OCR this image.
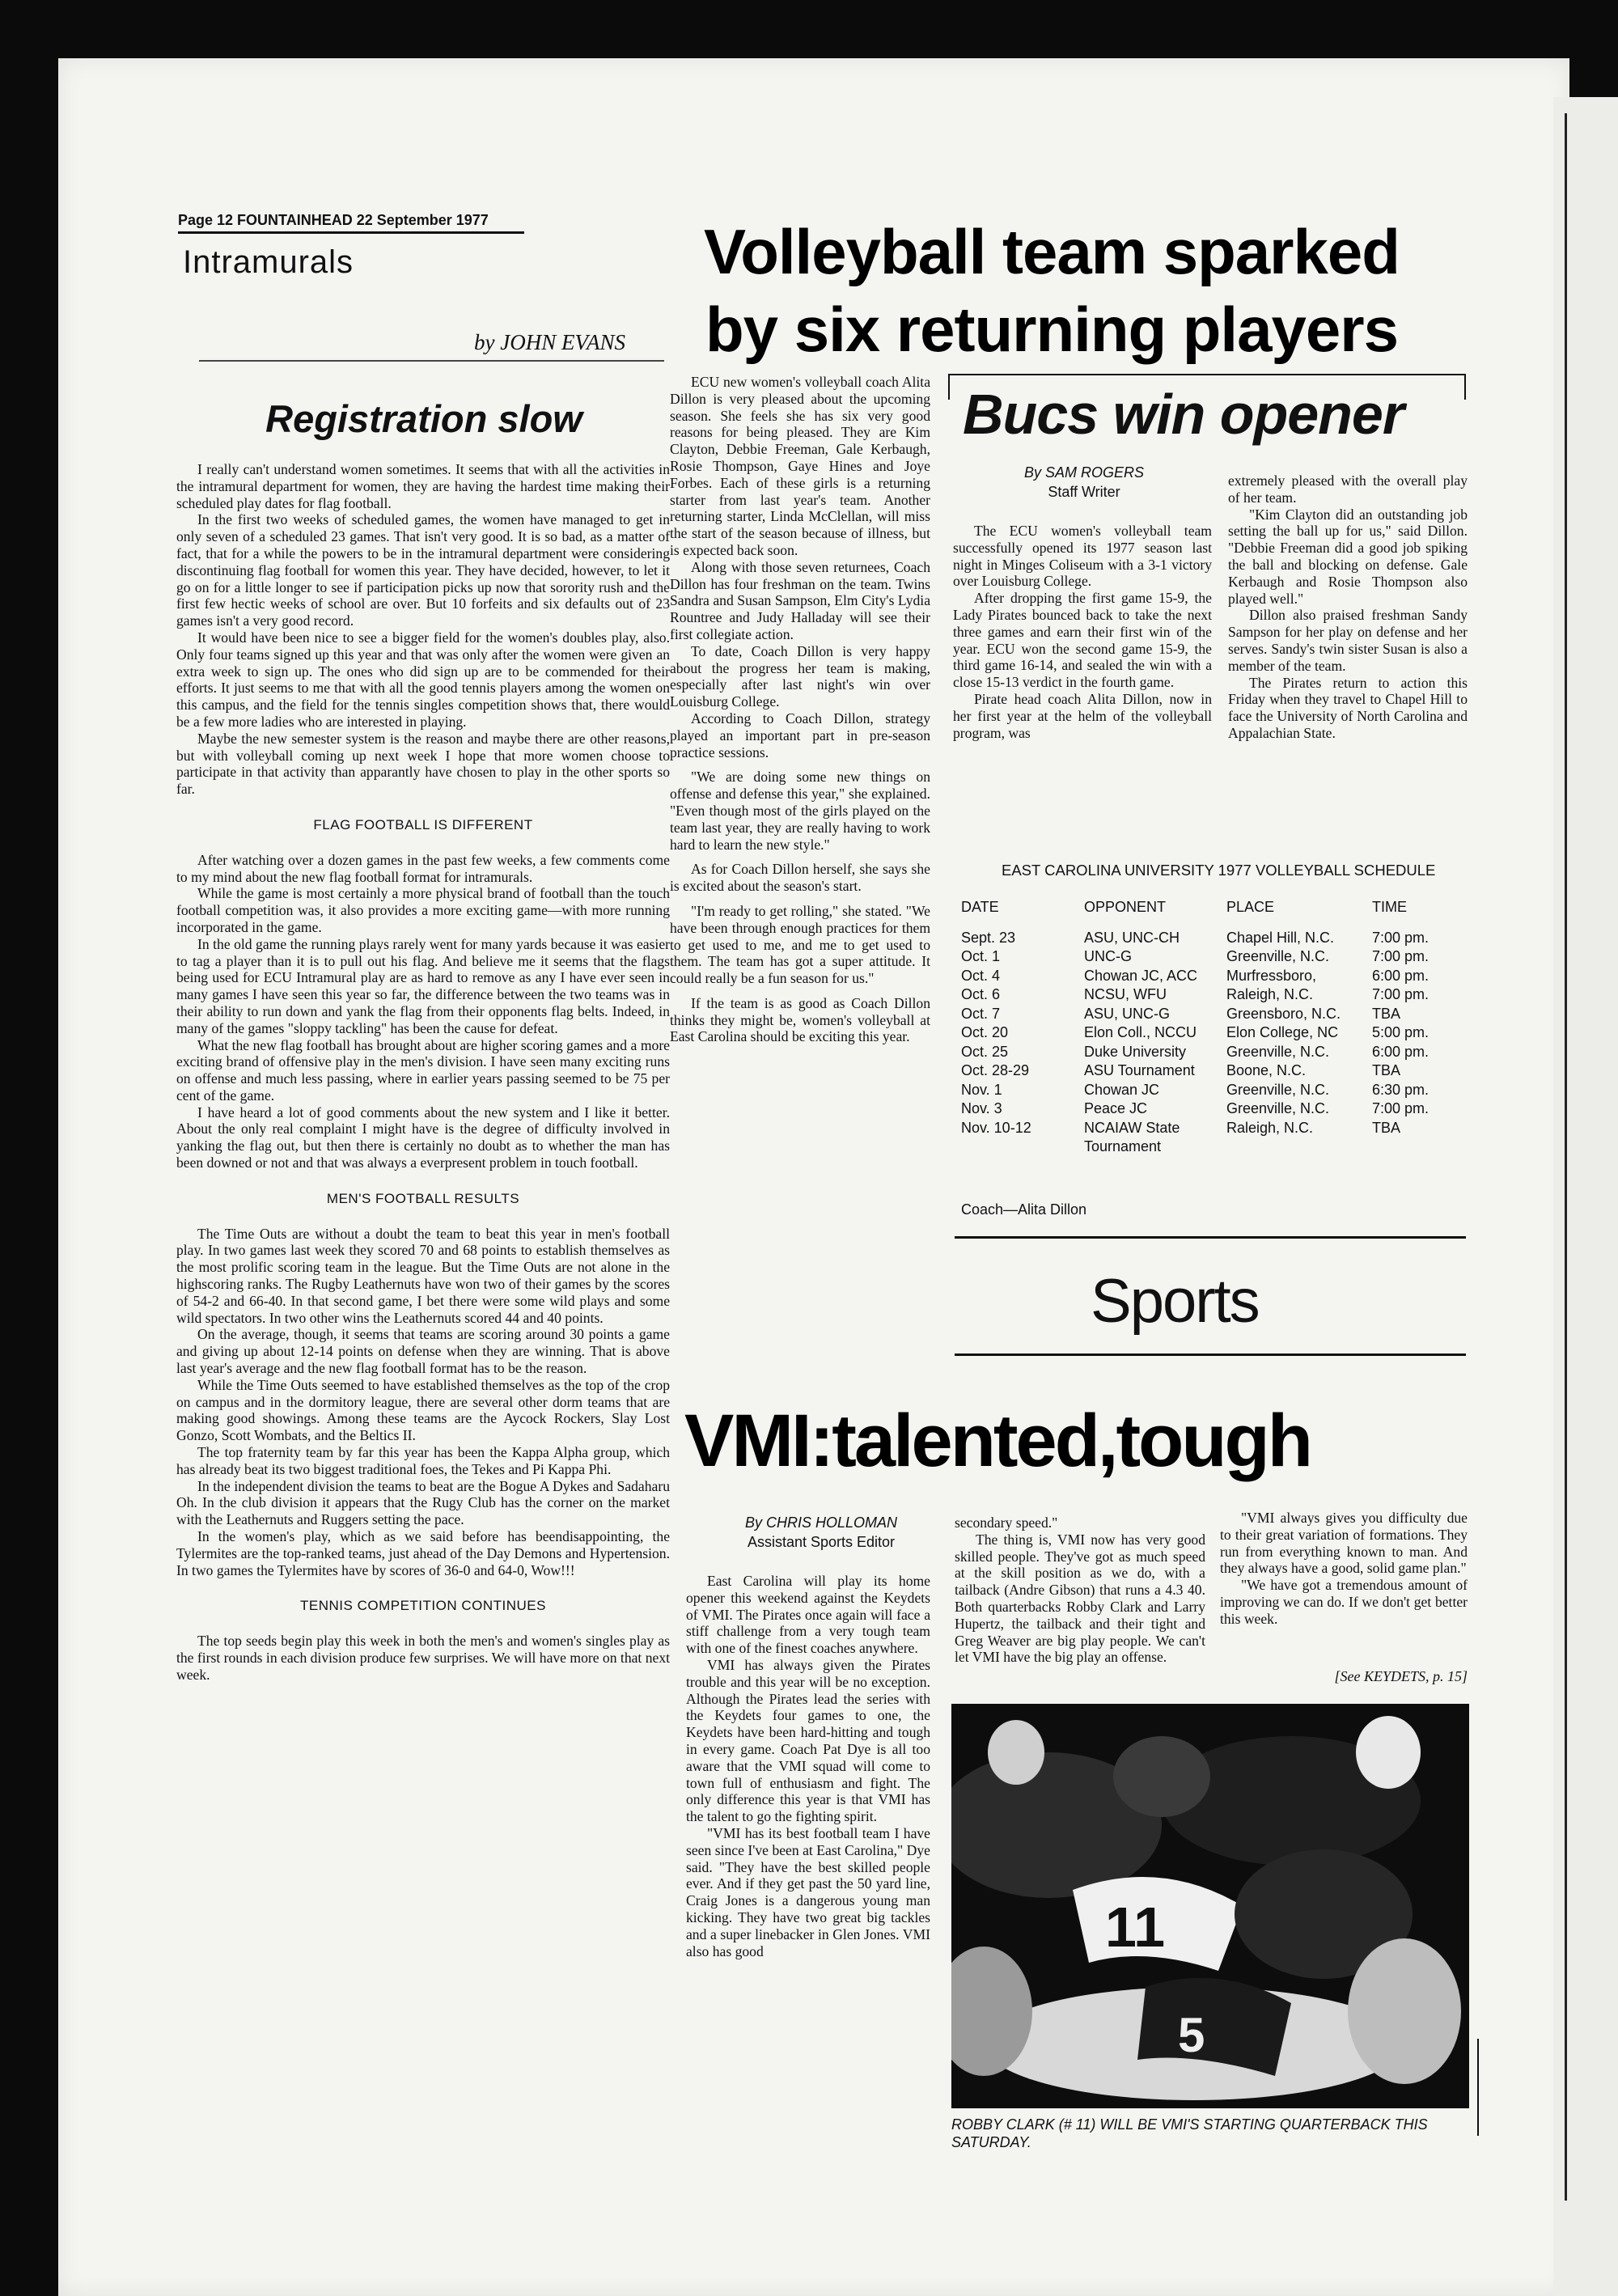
Page 12 FOUNTAINHEAD 22 September 1977
Intramurals
by JOHN EVANS
Registration slow

I really can't understand women sometimes. It seems that with all the activities in the intramural department for women, they are having the hardest time making their scheduled play dates for flag football.

In the first two weeks of scheduled games, the women have managed to get in only seven of a scheduled 23 games. That isn't very good. It is so bad, as a matter of fact, that for a while the powers to be in the intramural department were considering discontinuing flag football for women this year. They have decided, however, to let it go on for a little longer to see if participation picks up now that sorority rush and the first few hectic weeks of school are over. But 10 forfeits and six defaults out of 23 games isn't a very good record.

It would have been nice to see a bigger field for the women's doubles play, also. Only four teams signed up this year and that was only after the women were given an extra week to sign up. The ones who did sign up are to be commended for their efforts. It just seems to me that with all the good tennis players among the women on this campus, and the field for the tennis singles competition shows that, there would be a few more ladies who are interested in playing.

Maybe the new semester system is the reason and maybe there are other reasons, but with volleyball coming up next week I hope that more women choose to participate in that activity than apparantly have chosen to play in the other sports so far.

FLAG FOOTBALL IS DIFFERENT

After watching over a dozen games in the past few weeks, a few comments come to my mind about the new flag football format for intramurals.

While the game is most certainly a more physical brand of football than the touch football competition was, it also provides a more exciting game—with more running incorporated in the game.

In the old game the running plays rarely went for many yards because it was easier to tag a player than it is to pull out his flag. And believe me it seems that the flags being used for ECU Intramural play are as hard to remove as any I have ever seen in many games I have seen this year so far, the difference between the two teams was in their ability to run down and yank the flag from their opponents flag belts. Indeed, in many of the games "sloppy tackling" has been the cause for defeat.

What the new flag football has brought about are higher scoring games and a more exciting brand of offensive play in the men's division. I have seen many exciting runs on offense and much less passing, where in earlier years passing seemed to be 75 per cent of the game.

I have heard a lot of good comments about the new system and I like it better. About the only real complaint I might have is the degree of difficulty involved in yanking the flag out, but then there is certainly no doubt as to whether the man has been downed or not and that was always a everpresent problem in touch football.

MEN'S FOOTBALL RESULTS

The Time Outs are without a doubt the team to beat this year in men's football play. In two games last week they scored 70 and 68 points to establish themselves as the most prolific scoring team in the league. But the Time Outs are not alone in the highscoring ranks. The Rugby Leathernuts have won two of their games by the scores of 54-2 and 66-40. In that second game, I bet there were some wild plays and some wild spectators. In two other wins the Leathernuts scored 44 and 40 points.

On the average, though, it seems that teams are scoring around 30 points a game and giving up about 12-14 points on defense when they are winning. That is above last year's average and the new flag football format has to be the reason.

While the Time Outs seemed to have established themselves as the top of the crop on campus and in the dormitory league, there are several other dorm teams that are making good showings. Among these teams are the Aycock Rockers, Slay Lost Gonzo, Scott Wombats, and the Beltics II.

The top fraternity team by far this year has been the Kappa Alpha group, which has already beat its two biggest traditional foes, the Tekes and Pi Kappa Phi.

In the independent division the teams to beat are the Bogue A Dykes and Sadaharu Oh. In the club division it appears that the Rugy Club has the corner on the market with the Leathernuts and Ruggers setting the pace.

In the women's play, which as we said before has beendisappointing, the Tylermites are the top-ranked teams, just ahead of the Day Demons and Hypertension. In two games the Tylermites have by scores of 36-0 and 64-0, Wow!!!

TENNIS COMPETITION CONTINUES

The top seeds begin play this week in both the men's and women's singles play as the first rounds in each division produce few surprises. We will have more on that next week.

Volleyball team sparked
by six returning players

ECU new women's volleyball coach Alita Dillon is very pleased about the upcoming season. She feels she has six very good reasons for being pleased. They are Kim Clayton, Debbie Freeman, Gale Kerbaugh, Rosie Thompson, Gaye Hines and Joye Forbes. Each of these girls is a returning starter from last year's team. Another returning starter, Linda McClellan, will miss the start of the season because of illness, but is expected back soon.

Along with those seven returnees, Coach Dillon has four freshman on the team. Twins Sandra and Susan Sampson, Elm City's Lydia Rountree and Judy Halladay will see their first collegiate action.

To date, Coach Dillon is very happy about the progress her team is making, especially after last night's win over Louisburg College.

According to Coach Dillon, strategy played an important part in pre-season practice sessions.

"We are doing some new things on offense and defense this year," she explained. "Even though most of the girls played on the team last year, they are really having to work hard to learn the new style."

As for Coach Dillon herself, she says she is excited about the season's start.

"I'm ready to get rolling," she stated. "We have been through enough practices for them to get used to me, and me to get used to them. The team has got a super attitude. It could really be a fun season for us."

If the team is as good as Coach Dillon thinks they might be, women's volleyball at East Carolina should be exciting this year.

Bucs win opener
By SAM ROGERS
Staff Writer

The ECU women's volleyball team successfully opened its 1977 season last night in Minges Coliseum with a 3-1 victory over Louisburg College.

After dropping the first game 15-9, the Lady Pirates bounced back to take the next three games and earn their first win of the year. ECU won the second game 15-9, the third game 16-14, and sealed the win with a close 15-13 verdict in the fourth game.

Pirate head coach Alita Dillon, now in her first year at the helm of the volleyball program, was

extremely pleased with the overall play of her team.

"Kim Clayton did an outstanding job setting the ball up for us," said Dillon. "Debbie Freeman did a good job spiking the ball and blocking on defense. Gale Kerbaugh and Rosie Thompson also played well."

Dillon also praised freshman Sandy Sampson for her play on defense and her serves. Sandy's twin sister Susan is also a member of the team.

The Pirates return to action this Friday when they travel to Chapel Hill to face the University of North Carolina and Appalachian State.

EAST CAROLINA UNIVERSITY 1977 VOLLEYBALL SCHEDULE
DATE	OPPONENT	PLACE	TIME

Sept. 23	ASU, UNC-CH	Chapel Hill, N.C.	7:00 pm.
Oct. 1	UNC-G	Greenville, N.C.	7:00 pm.
Oct. 4	Chowan JC, ACC	Murfressboro,	6:00 pm.
Oct. 6	NCSU, WFU	Raleigh, N.C.	7:00 pm.
Oct. 7	ASU, UNC-G	Greensboro, N.C.	TBA
Oct. 20	Elon Coll., NCCU	Elon College, NC	5:00 pm.
Oct. 25	Duke University	Greenville, N.C.	6:00 pm.
Oct. 28-29	ASU Tournament	Boone, N.C.	TBA
Nov. 1	Chowan JC	Greenville, N.C.	6:30 pm.
Nov. 3	Peace JC	Greenville, N.C.	7:00 pm.
Nov. 10-12	NCAIAW State Tournament	Raleigh, N.C.	TBA
Coach—Alita Dillon
Sports
VMI:talented,tough
By CHRIS HOLLOMAN
Assistant Sports Editor

East Carolina will play its home opener this weekend against the Keydets of VMI. The Pirates once again will face a stiff challenge from a very tough team with one of the finest coaches anywhere.

VMI has always given the Pirates trouble and this year will be no exception. Although the Pirates lead the series with the Keydets four games to one, the Keydets have been hard-hitting and tough in every game. Coach Pat Dye is all too aware that the VMI squad will come to town full of enthusiasm and fight. The only difference this year is that VMI has the talent to go the fighting spirit.

"VMI has its best football team I have seen since I've been at East Carolina," Dye said. "They have the best skilled people ever. And if they get past the 50 yard line, Craig Jones is a dangerous young man kicking. They have two great big tackles and a super linebacker in Glen Jones. VMI also has good

secondary speed."

The thing is, VMI now has very good skilled people. They've got as much speed at the skill position as we do, with a tailback (Andre Gibson) that runs a 4.3 40. Both quarterbacks Robby Clark and Larry Hupertz, the tailback and their tight and Greg Weaver are big play people. We can't let VMI have the big play an offense.

"VMI always gives you difficulty due to their great variation of formations. They run from everything known to man. And they always have a good, solid game plan."

"We have got a tremendous amount of improving we can do. If we don't get better this week.

[See KEYDETS, p. 15]
11
5
ROBBY CLARK (# 11) WILL BE VMI'S STARTING QUARTERBACK THIS SATURDAY.
